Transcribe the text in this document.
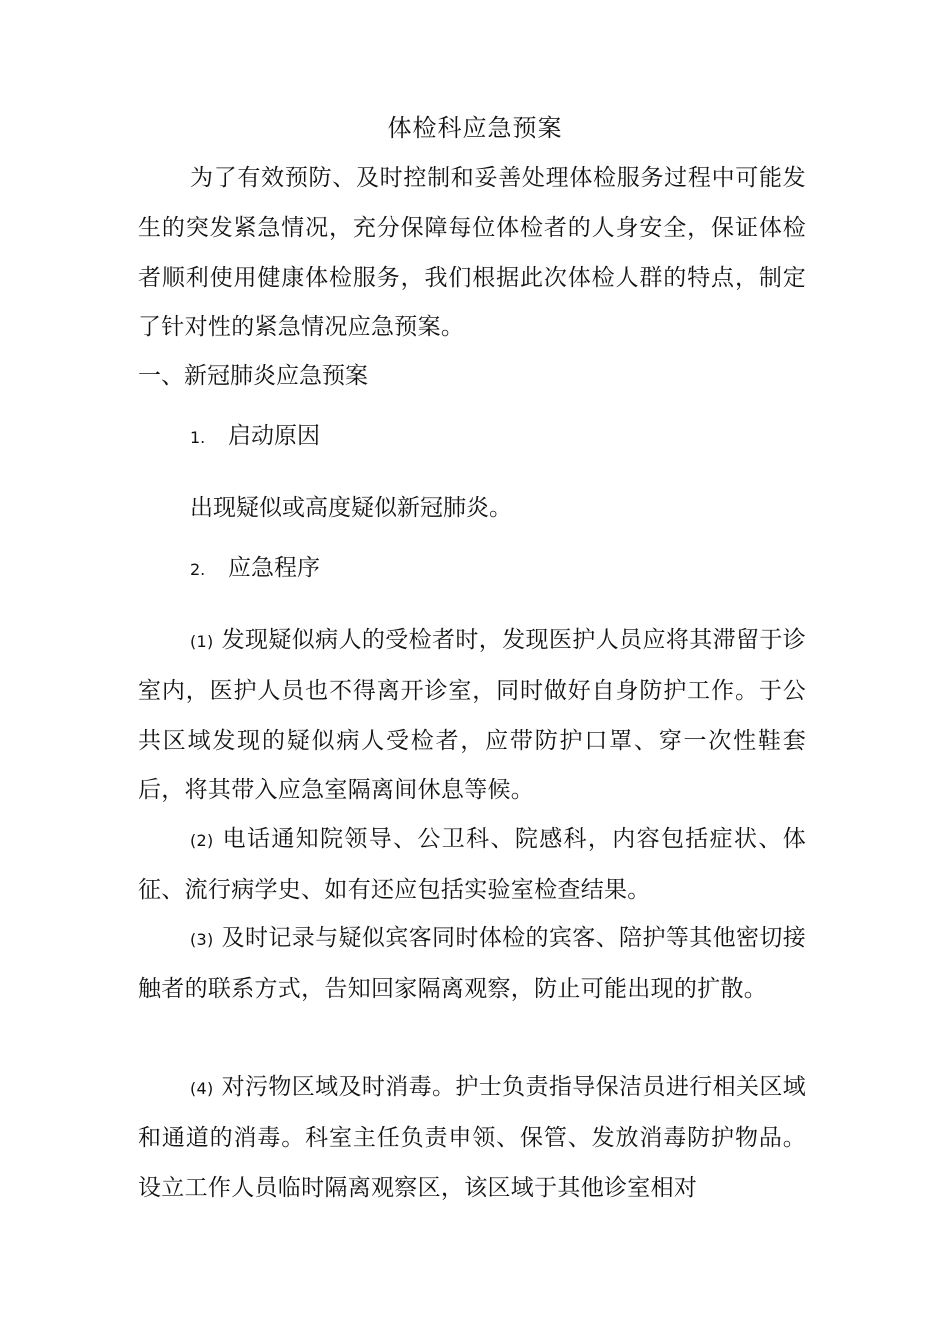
体检科应急预案
为了有效预防、及时控制和妥善处理体检服务过程中可能发生的突发紧急情况，充分保障每位体检者的人身安全，保证体检者顺利使用健康体检服务，我们根据此次体检人群的特点，制定了针对性的紧急情况应急预案。
一、新冠肺炎应急预案
1. 启动原因
出现疑似或高度疑似新冠肺炎。
2. 应急程序
(1) 发现疑似病人的受检者时，发现医护人员应将其滞留于诊室内，医护人员也不得离开诊室，同时做好自身防护工作。于公共区域发现的疑似病人受检者，应带防护口罩、穿一次性鞋套后，将其带入应急室隔离间休息等候。
(2) 电话通知院领导、公卫科、院感科，内容包括症状、体征、流行病学史、如有还应包括实验室检查结果。
(3) 及时记录与疑似宾客同时体检的宾客、陪护等其他密切接触者的联系方式，告知回家隔离观察，防止可能出现的扩散。
(4) 对污物区域及时消毒。护士负责指导保洁员进行相关区域和通道的消毒。科室主任负责申领、保管、发放消毒防护物品。设立工作人员临时隔离观察区，该区域于其他诊室相对
